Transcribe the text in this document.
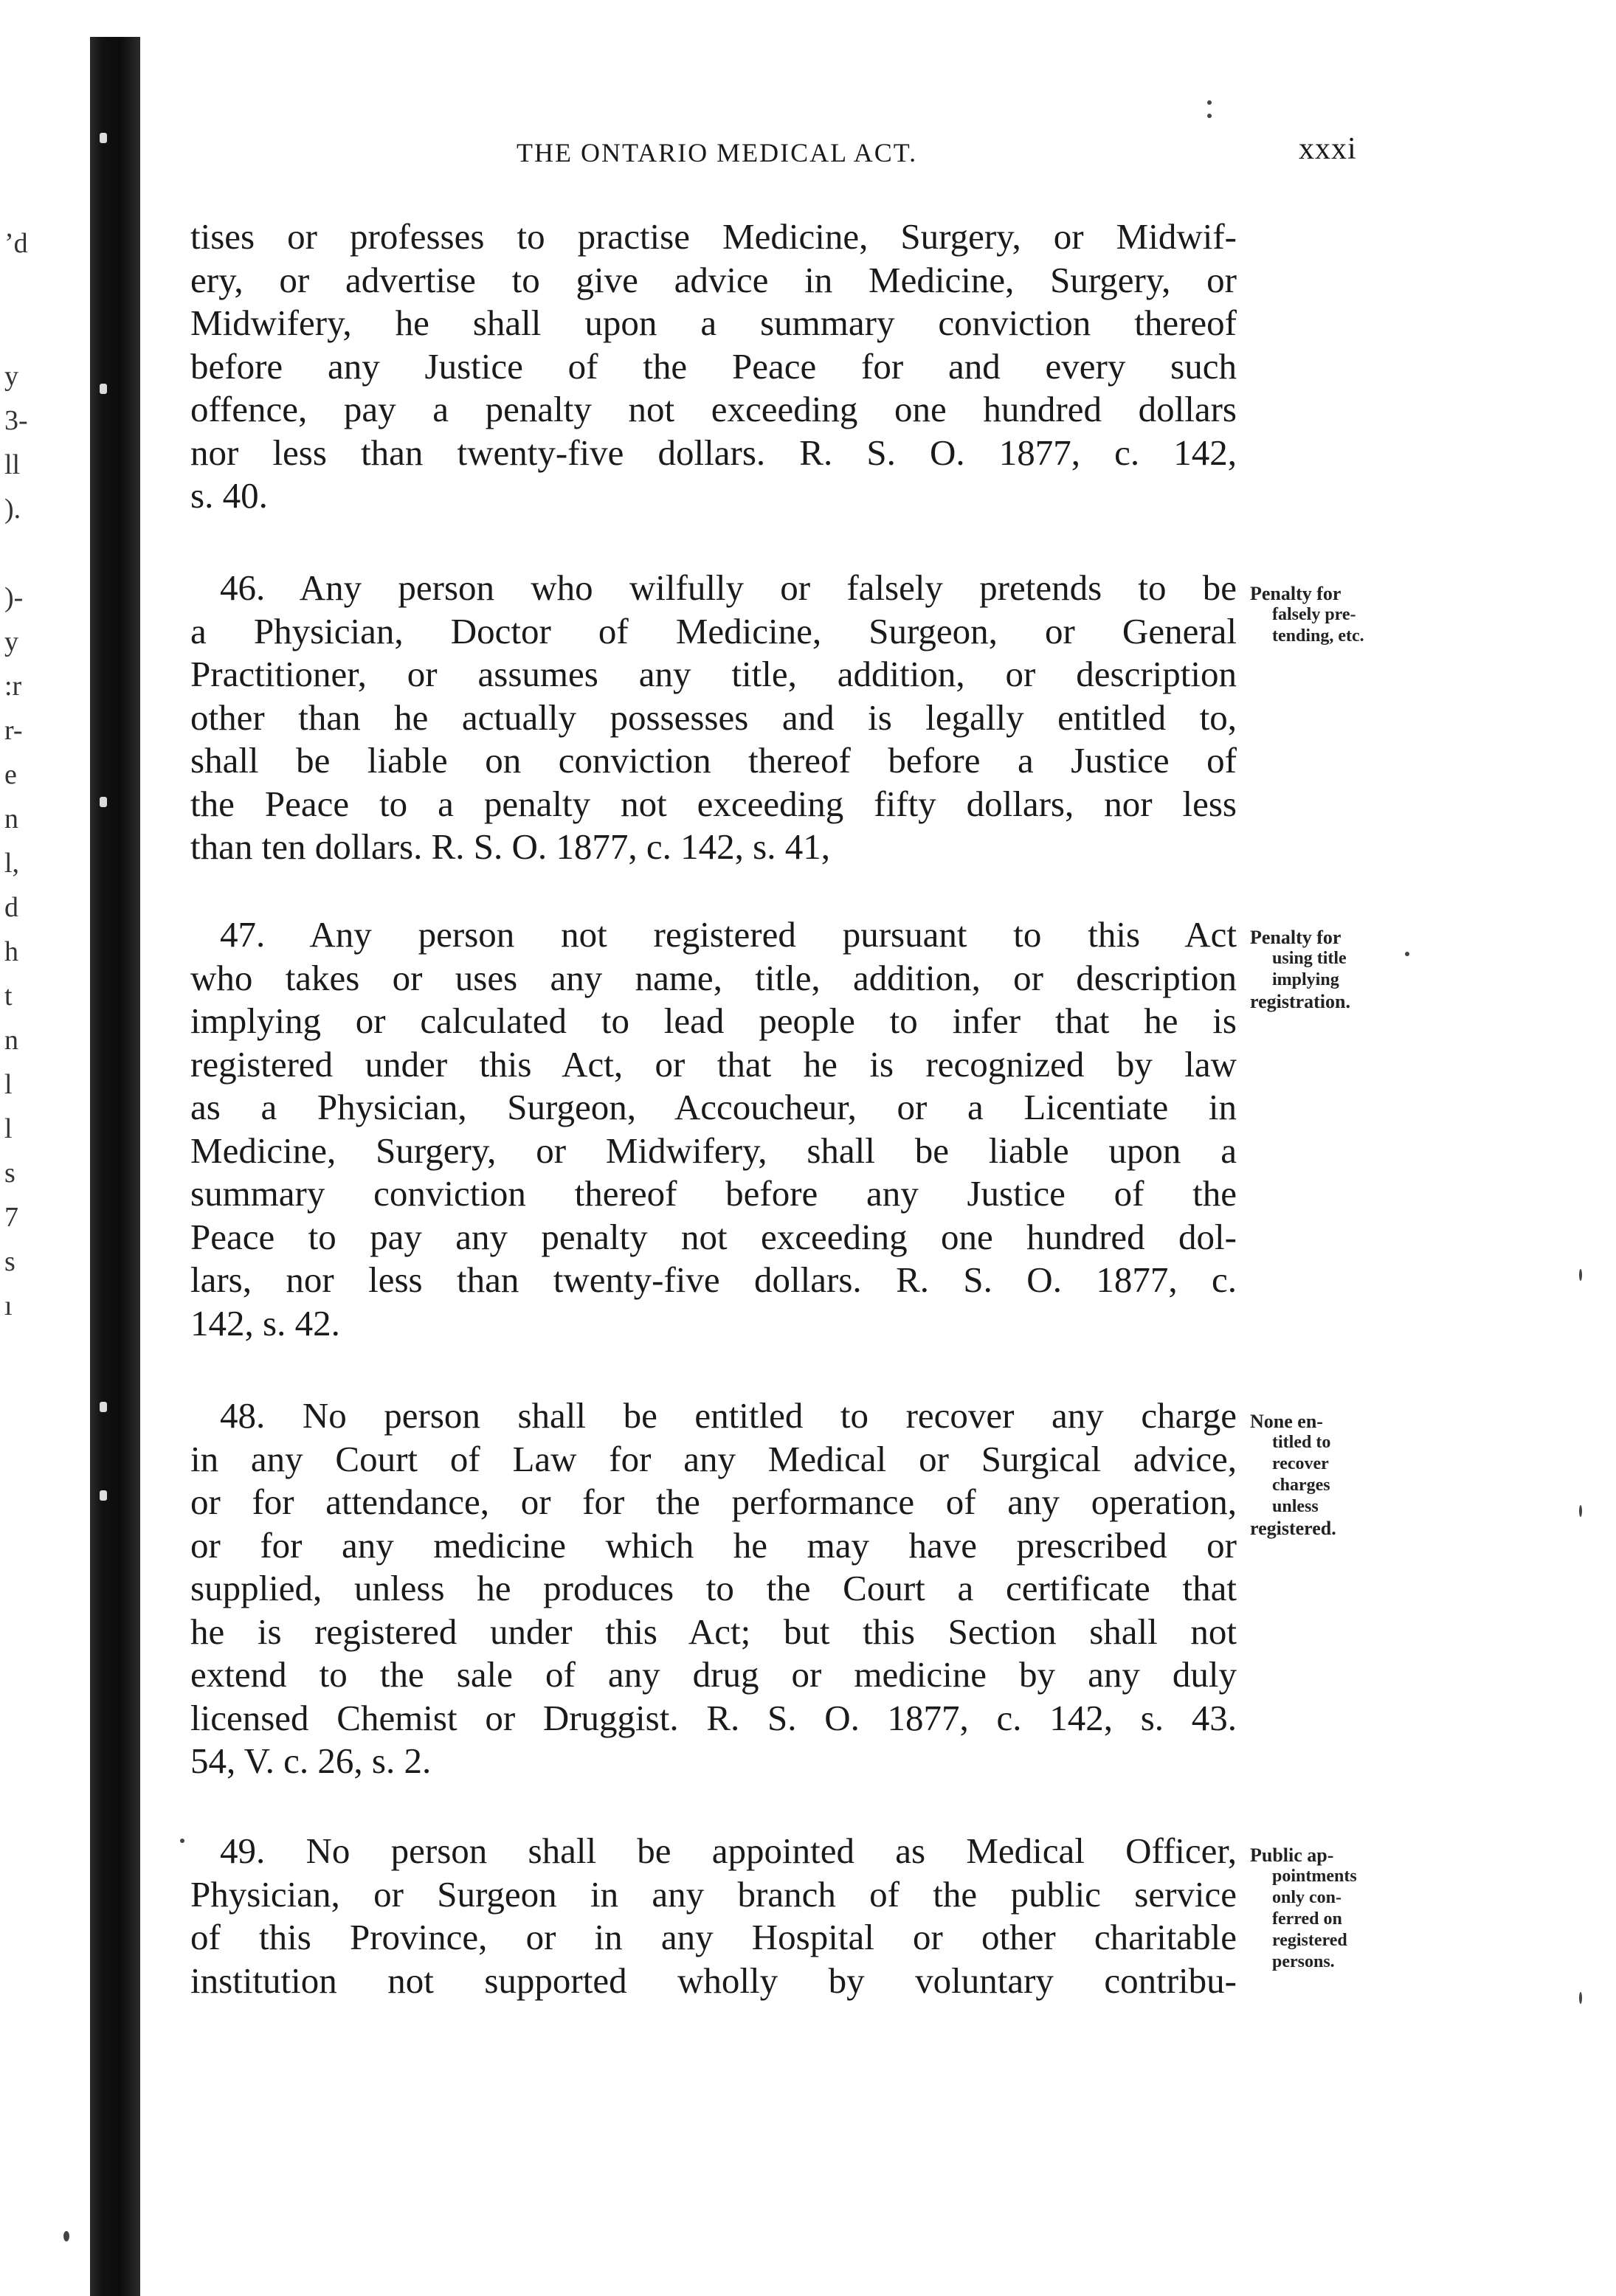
ʼd

y
3-
ll
).

)-
y
:r
r-
e
n
l,
d
h
t
n
l
l
s
7
s
ı
THE ONTARIO MEDICAL ACT.	xxxi
tises or professes to practise Medicine, Surgery, or Midwif-
ery, or advertise to give advice in Medicine, Surgery, or
Midwifery, he shall upon a summary conviction thereof
before any Justice of the Peace for and every such
offence, pay a penalty not exceeding one hundred dollars
nor less than twenty-five dollars. R. S. O. 1877, c. 142,
s. 40.
46. Any person who wilfully or falsely pretends to be
a Physician, Doctor of Medicine, Surgeon, or General
Practitioner, or assumes any title, addition, or description
other than he actually possesses and is legally entitled to,
shall be liable on conviction thereof before a Justice of
the Peace to a penalty not exceeding fifty dollars, nor less
than ten dollars. R. S. O. 1877, c. 142, s. 41,
Penalty for
falsely pre-
tending, etc.
47. Any person not registered pursuant to this Act
who takes or uses any name, title, addition, or description
implying or calculated to lead people to infer that he is
registered under this Act, or that he is recognized by law
as a Physician, Surgeon, Accoucheur, or a Licentiate in
Medicine, Surgery, or Midwifery, shall be liable upon a
summary conviction thereof before any Justice of the
Peace to pay any penalty not exceeding one hundred dol-
lars, nor less than twenty-five dollars. R. S. O. 1877, c.
142, s. 42.
Penalty for
using title
implying
registration.
48. No person shall be entitled to recover any charge
in any Court of Law for any Medical or Surgical advice,
or for attendance, or for the performance of any operation,
or for any medicine which he may have prescribed or
supplied, unless he produces to the Court a certificate that
he is registered under this Act; but this Section shall not
extend to the sale of any drug or medicine by any duly
licensed Chemist or Druggist. R. S. O. 1877, c. 142, s. 43.
54, V. c. 26, s. 2.
None en-
titled to
recover
charges
unless
registered.
49. No person shall be appointed as Medical Officer,
Physician, or Surgeon in any branch of the public service
of this Province, or in any Hospital or other charitable
institution not supported wholly by voluntary contribu-
Public ap-
pointments
only con-
ferred on
registered
persons.
